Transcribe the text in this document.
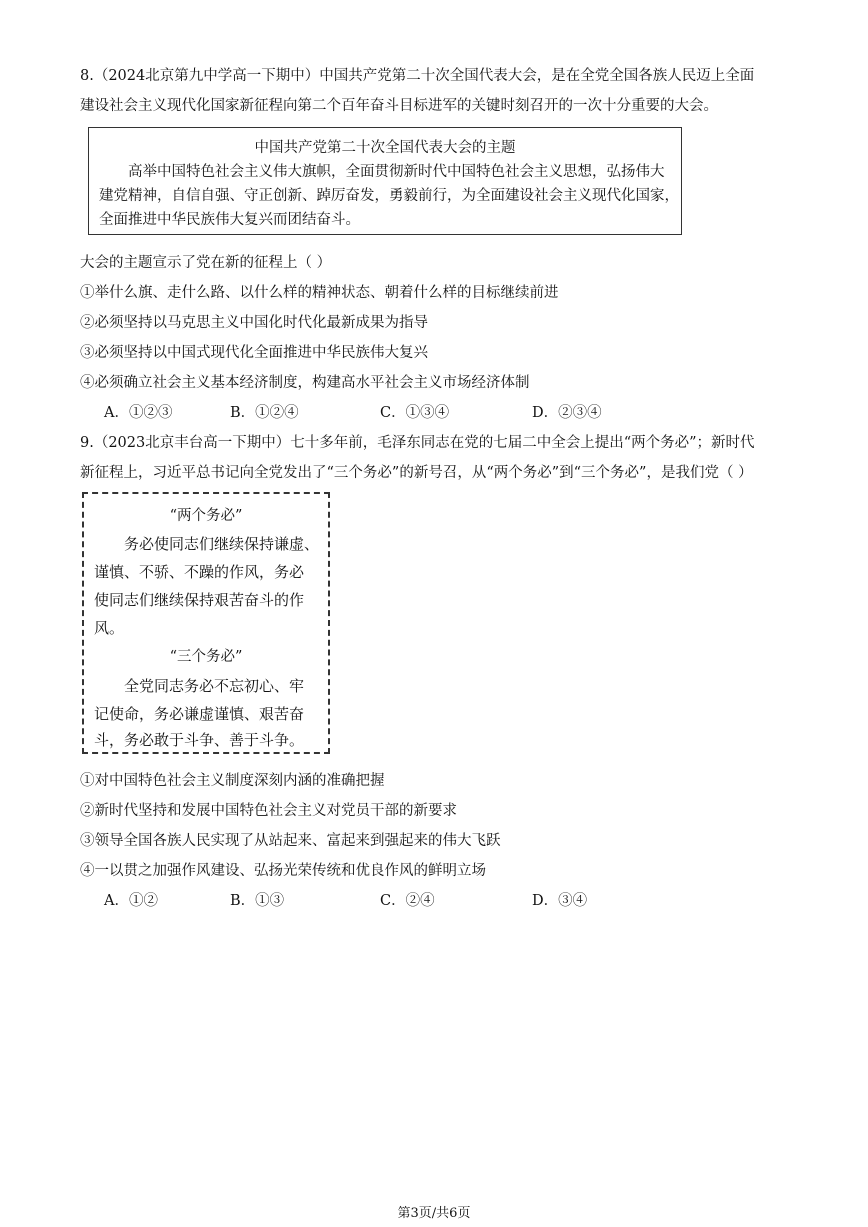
8.（2024北京第九中学高一下期中）中国共产党第二十次全国代表大会，是在全党全国各族人民迈上全面
建设社会主义现代化国家新征程向第二个百年奋斗目标进军的关键时刻召开的一次十分重要的大会。
中国共产党第二十次全国代表大会的主题
高举中国特色社会主义伟大旗帜，全面贯彻新时代中国特色社会主义思想，弘扬伟大
建党精神，自信自强、守正创新、踔厉奋发，勇毅前行，为全面建设社会主义现代化国家，
全面推进中华民族伟大复兴而团结奋斗。
大会的主题宣示了党在新的征程上（ ）
①举什么旗、走什么路、以什么样的精神状态、朝着什么样的目标继续前进
②必须坚持以马克思主义中国化时代化最新成果为指导
③必须坚持以中国式现代化全面推进中华民族伟大复兴
④必须确立社会主义基本经济制度，构建高水平社会主义市场经济体制
A．①②③	B．①②④	C．①③④	D．②③④
9.（2023北京丰台高一下期中）七十多年前，毛泽东同志在党的七届二中全会上提出“两个务必”；新时代
新征程上，习近平总书记向全党发出了“三个务必”的新号召，从“两个务必”到“三个务必”，是我们党（ ）
“两个务必”
务必使同志们继续保持谦虚、
谨慎、不骄、不躁的作风，务必
使同志们继续保持艰苦奋斗的作
风。
“三个务必”
全党同志务必不忘初心、牢
记使命，务必谦虚谨慎、艰苦奋
斗，务必敢于斗争、善于斗争。
①对中国特色社会主义制度深刻内涵的准确把握
②新时代坚持和发展中国特色社会主义对党员干部的新要求
③领导全国各族人民实现了从站起来、富起来到强起来的伟大飞跃
④一以贯之加强作风建设、弘扬光荣传统和优良作风的鲜明立场
A．①②	B．①③	C．②④	D．③④
第3页/共6页
